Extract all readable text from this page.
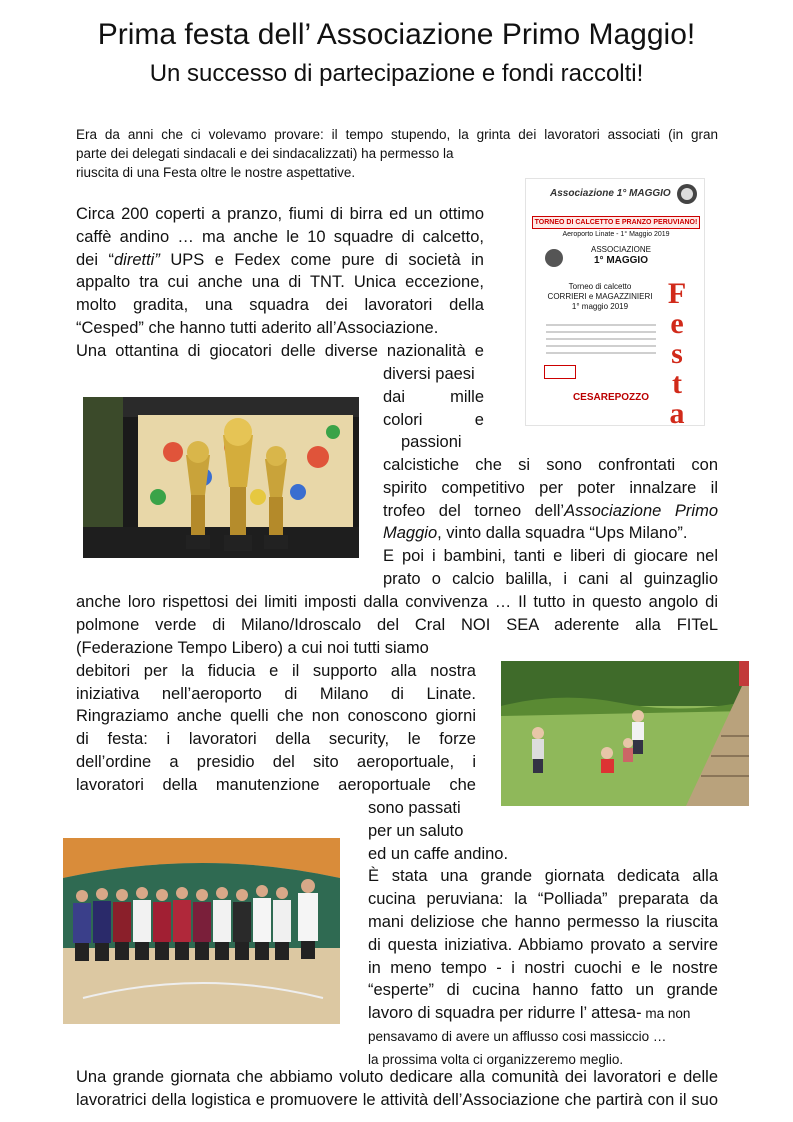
Prima festa dell’ Associazione Primo Maggio!
Un successo di partecipazione e fondi raccolti!
Era da anni che ci volevamo provare: il tempo stupendo, la grinta dei lavoratori associati (in gran
parte dei delegati sindacali e dei sindacalizzati) ha permesso la
riuscita di una Festa oltre le nostre aspettative.
Circa 200 coperti a pranzo, fiumi di birra ed un ottimo
caffè andino … ma anche le 10 squadre di calcetto,
dei “diretti” UPS e Fedex come pure di società in
appalto tra cui anche una di TNT. Unica eccezione,
molto gradita, una squadra dei lavoratori della
“Cesped” che hanno tutti aderito all’Associazione.
Una ottantina di giocatori delle diverse nazionalità e
diversi paesi
dai mille
colori e
passioni
calcistiche che si sono confrontati con
spirito competitivo per poter innalzare il
trofeo del torneo dell’Associazione Primo
Maggio, vinto dalla squadra “Ups Milano”.
E poi i bambini, tanti e liberi di giocare nel
prato o calcio balilla, i cani al guinzaglio
anche loro rispettosi dei limiti imposti dalla convivenza … Il tutto in questo angolo di
polmone verde di Milano/Idroscalo del Cral NOI SEA aderente alla FITeL
(Federazione Tempo Libero) a cui noi tutti siamo
debitori per la fiducia e il supporto alla nostra
iniziativa nell’aeroporto di Milano di Linate.
Ringraziamo anche quelli che non conoscono giorni
di festa: i lavoratori della security, le forze
dell’ordine a presidio del sito aeroportuale, i
lavoratori della manutenzione aeroportuale che
sono passati
per un saluto
ed un caffe andino.
È stata una grande giornata dedicata alla
cucina peruviana: la “Polliada” preparata da
mani deliziose che hanno permesso la riuscita
di questa iniziativa. Abbiamo provato a servire
in meno tempo - i nostri cuochi e le nostre
“esperte” di cucina hanno fatto un grande
lavoro di squadra per ridurre l’ attesa- ma non
pensavamo di avere un afflusso cosi massiccio …
la prossima volta ci organizzeremo meglio.
Una grande giornata che abbiamo voluto dedicare alla comunità dei lavoratori e delle
lavoratrici della logistica e promuovere le attività dell’Associazione che partirà con il suo
Associazione 1° MAGGIO
TORNEO DI CALCETTO E PRANZO PERUVIANO!
Aeroporto Linate - 1° Maggio 2019
ASSOCIAZIONE
1° MAGGIO
Torneo di calcetto
CORRIERI e MAGAZZINIERI
1° maggio 2019
CESAREPOZZO
F
e
s
t
a
